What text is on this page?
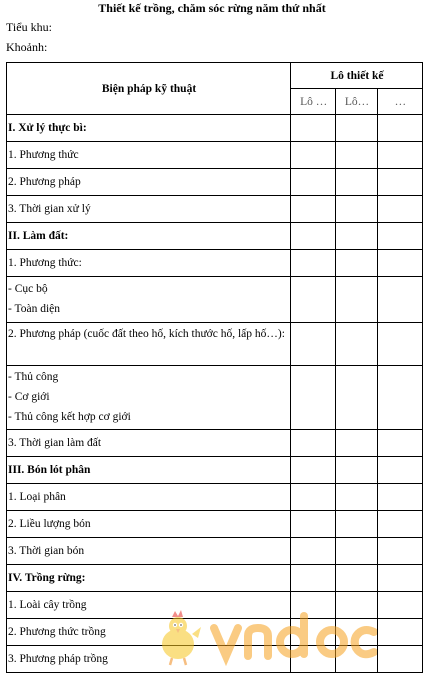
Thiết kế trồng, chăm sóc rừng năm thứ nhất
Tiểu khu:
Khoảnh:
Biện pháp kỹ thuật	Lô thiết kế		
	Lô …	Lô…	…
I. Xử lý thực bì:			
1. Phương thức			
2. Phương pháp			
3. Thời gian xử lý			
II. Làm đất:			
1. Phương thức:			

- Cục bộ
- Toàn diện			

2. Phương pháp (cuốc đất theo hố, kích thước hố, lấp hố…):			

- Thủ công
- Cơ giới
- Thủ công kết hợp cơ giới			

3. Thời gian làm đất			
III. Bón lót phân			
1. Loại phân			
2. Liều lượng bón			
3. Thời gian bón			
IV. Trồng rừng:			
1. Loài cây trồng			
2. Phương thức trồng			
3. Phương pháp trồng			
